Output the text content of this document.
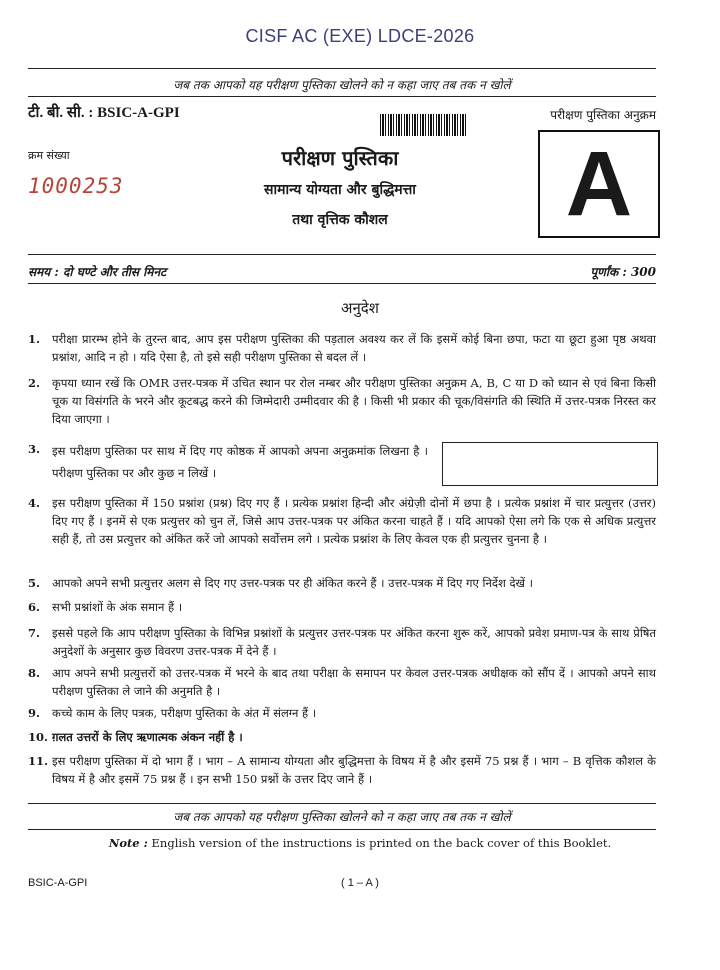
CISF AC (EXE) LDCE-2026
जब तक आपको यह परीक्षण पुस्तिका खोलने को न कहा जाए तब तक न खोलें
टी. बी. सी. : BSIC-A-GPI	परीक्षण पुस्तिका अनुक्रम
क्रम संख्या
1000253
परीक्षण पुस्तिका
सामान्य योग्यता और बुद्धिमत्ता
तथा वृत्तिक कौशल	A
समय : दो घण्टे और तीस मिनट	पूर्णांक : 300
अनुदेश
1.	परीक्षा प्रारम्भ होने के तुरन्त बाद, आप इस परीक्षण पुस्तिका की पड़ताल अवश्य कर लें कि इसमें कोई बिना छपा, फटा या छूटा हुआ पृष्ठ अथवा प्रश्नांश, आदि न हो । यदि ऐसा है, तो इसे सही परीक्षण पुस्तिका से बदल लें ।
2.	कृपया ध्यान रखें कि OMR उत्तर-पत्रक में उचित स्थान पर रोल नम्बर और परीक्षण पुस्तिका अनुक्रम A, B, C या D को ध्यान से एवं बिना किसी चूक या विसंगति के भरने और कूटबद्ध करने की जिम्मेदारी उम्मीदवार की है । किसी भी प्रकार की चूक/विसंगति की स्थिति में उत्तर-पत्रक निरस्त कर दिया जाएगा ।
3.	इस परीक्षण पुस्तिका पर साथ में दिए गए कोष्ठक में आपको अपना अनुक्रमांक लिखना है । परीक्षण पुस्तिका पर और कुछ न लिखें ।
4.	इस परीक्षण पुस्तिका में 150 प्रश्नांश (प्रश्न) दिए गए हैं । प्रत्येक प्रश्नांश हिन्दी और अंग्रेज़ी दोनों में छपा है । प्रत्येक प्रश्नांश में चार प्रत्युत्तर (उत्तर) दिए गए हैं । इनमें से एक प्रत्युत्तर को चुन लें, जिसे आप उत्तर-पत्रक पर अंकित करना चाहते हैं । यदि आपको ऐसा लगे कि एक से अधिक प्रत्युत्तर सही हैं, तो उस प्रत्युत्तर को अंकित करें जो आपको सर्वोत्तम लगे । प्रत्येक प्रश्नांश के लिए केवल एक ही प्रत्युत्तर चुनना है ।
5.	आपको अपने सभी प्रत्युत्तर अलग से दिए गए उत्तर-पत्रक पर ही अंकित करने हैं । उत्तर-पत्रक में दिए गए निर्देश देखें ।
6.	सभी प्रश्नांशों के अंक समान हैं ।
7.	इससे पहले कि आप परीक्षण पुस्तिका के विभिन्न प्रश्नांशों के प्रत्युत्तर उत्तर-पत्रक पर अंकित करना शुरू करें, आपको प्रवेश प्रमाण-पत्र के साथ प्रेषित अनुदेशों के अनुसार कुछ विवरण उत्तर-पत्रक में देने हैं ।
8.	आप अपने सभी प्रत्युत्तरों को उत्तर-पत्रक में भरने के बाद तथा परीक्षा के समापन पर केवल उत्तर-पत्रक अधीक्षक को सौंप दें । आपको अपने साथ परीक्षण पुस्तिका ले जाने की अनुमति है ।
9.	कच्चे काम के लिए पत्रक, परीक्षण पुस्तिका के अंत में संलग्न हैं ।
10. ग़लत उत्तरों के लिए ऋणात्मक अंकन नहीं है ।
11. इस परीक्षण पुस्तिका में दो भाग हैं । भाग – A सामान्य योग्यता और बुद्धिमत्ता के विषय में है और इसमें 75 प्रश्न हैं । भाग – B वृत्तिक कौशल के विषय में है और इसमें 75 प्रश्न हैं । इन सभी 150 प्रश्नों के उत्तर दिए जाने हैं ।
जब तक आपको यह परीक्षण पुस्तिका खोलने को न कहा जाए तब तक न खोलें
Note : English version of the instructions is printed on the back cover of this Booklet.
BSIC-A-GPI	( 1 – A )
